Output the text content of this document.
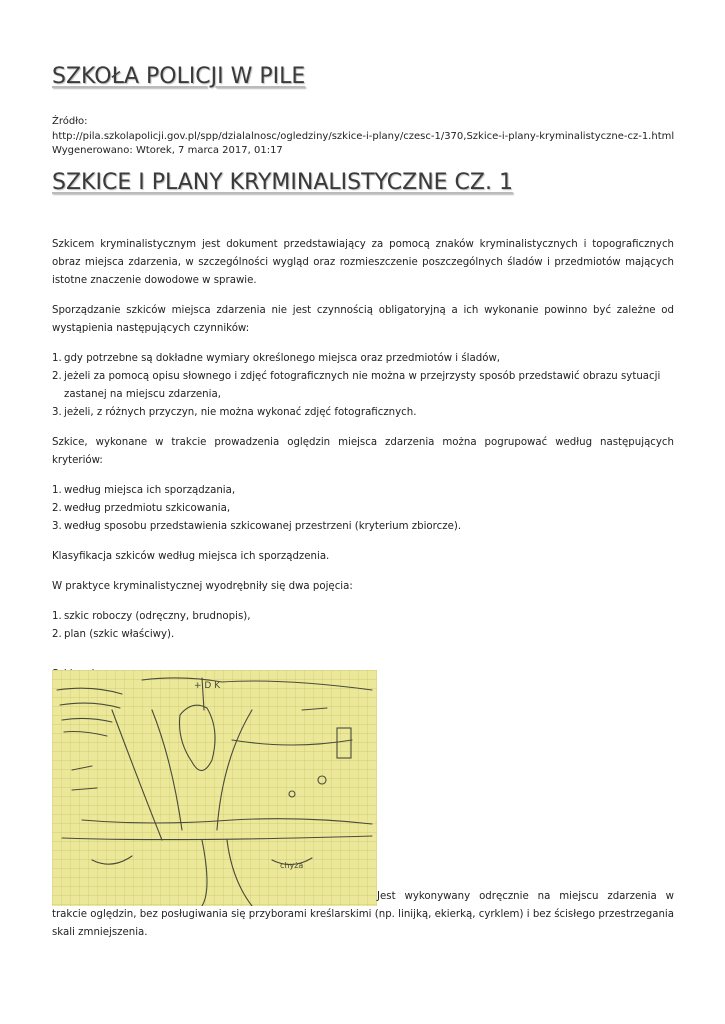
SZKOŁA POLICJI W PILE
Źródło:
http://pila.szkolapolicji.gov.pl/spp/dzialalnosc/ogledziny/szkice-i-plany/czesc-1/370,Szkice-i-plany-kryminalistyczne-cz-1.html
Wygenerowano: Wtorek, 7 marca 2017, 01:17
SZKICE I PLANY KRYMINALISTYCZNE CZ. 1

Szkicem kryminalistycznym jest dokument przedstawiający za pomocą znaków kryminalistycznych i topograficznych obraz miejsca zdarzenia, w szczególności wygląd oraz rozmieszczenie poszczególnych śladów i przedmiotów mających istotne znaczenie dowodowe w sprawie.

Sporządzanie szkiców miejsca zdarzenia nie jest czynnością obligatoryjną a ich wykonanie powinno być zależne od wystąpienia następujących czynników:

1. gdy potrzebne są dokładne wymiary określonego miejsca oraz przedmiotów i śladów,
2. jeżeli za pomocą opisu słownego i zdjęć fotograficznych nie można w przejrzysty sposób przedstawić obrazu sytuacji zastanej na miejscu zdarzenia,
3. jeżeli, z różnych przyczyn, nie można wykonać zdjęć fotograficznych.

Szkice, wykonane w trakcie prowadzenia oględzin miejsca zdarzenia można pogrupować według następujących kryteriów:

1. według miejsca ich sporządzania,
2. według przedmiotu szkicowania,
3. według sposobu przedstawienia szkicowanej przestrzeni (kryterium zbiorcze).

Klasyfikacja szkiców według miejsca ich sporządzenia.

W praktyce kryminalistycznej wyodrębniły się dwa pojęcia:

1. szkic roboczy (odręczny, brudnopis),
2. plan (szkic właściwy).

+ D K
chyża

Jest wykonywany odręcznie na miejscu zdarzenia w trakcie oględzin, bez posługiwania się przyborami kreślarskimi (np. linijką, ekierką, cyrklem) i bez ścisłego przestrzegania skali zmniejszenia.
